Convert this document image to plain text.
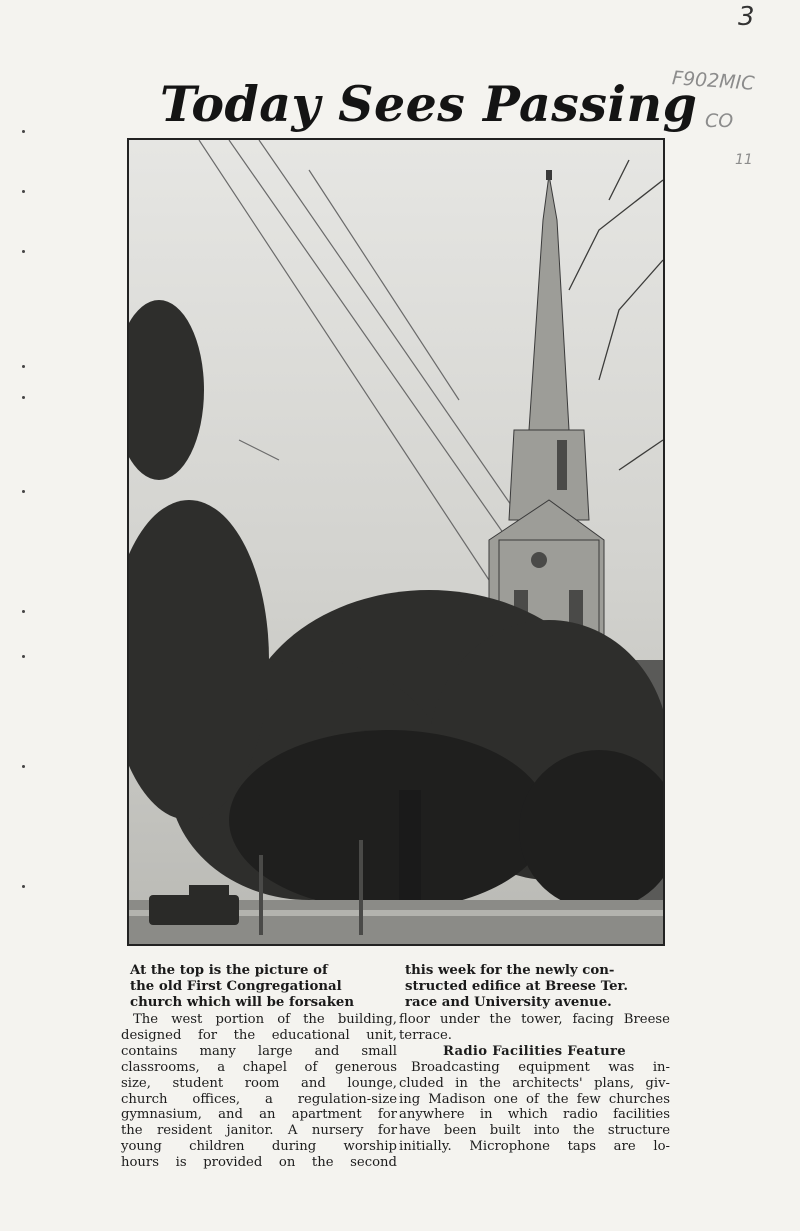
3
F902MIC
CO
11
Today Sees Passing
At the top is the picture of
the old First Congregational
church which will be forsaken
this week for the newly con-
structed edifice at Breese Ter.
race and University avenue.
The west portion of the building,
designed for the educational unit,
contains many large and small
classrooms, a chapel of generous
size, student room and lounge,
church offices, a regulation-size
gymnasium, and an apartment for
the resident janitor. A nursery for
young children during worship
hours is provided on the second
floor under the tower, facing Breese
terrace.
Radio Facilities Feature
Broadcasting equipment was in-
cluded in the architects' plans, giv-
ing Madison one of the few churches
anywhere in which radio facilities
have been built into the structure
initially. Microphone taps are lo-
